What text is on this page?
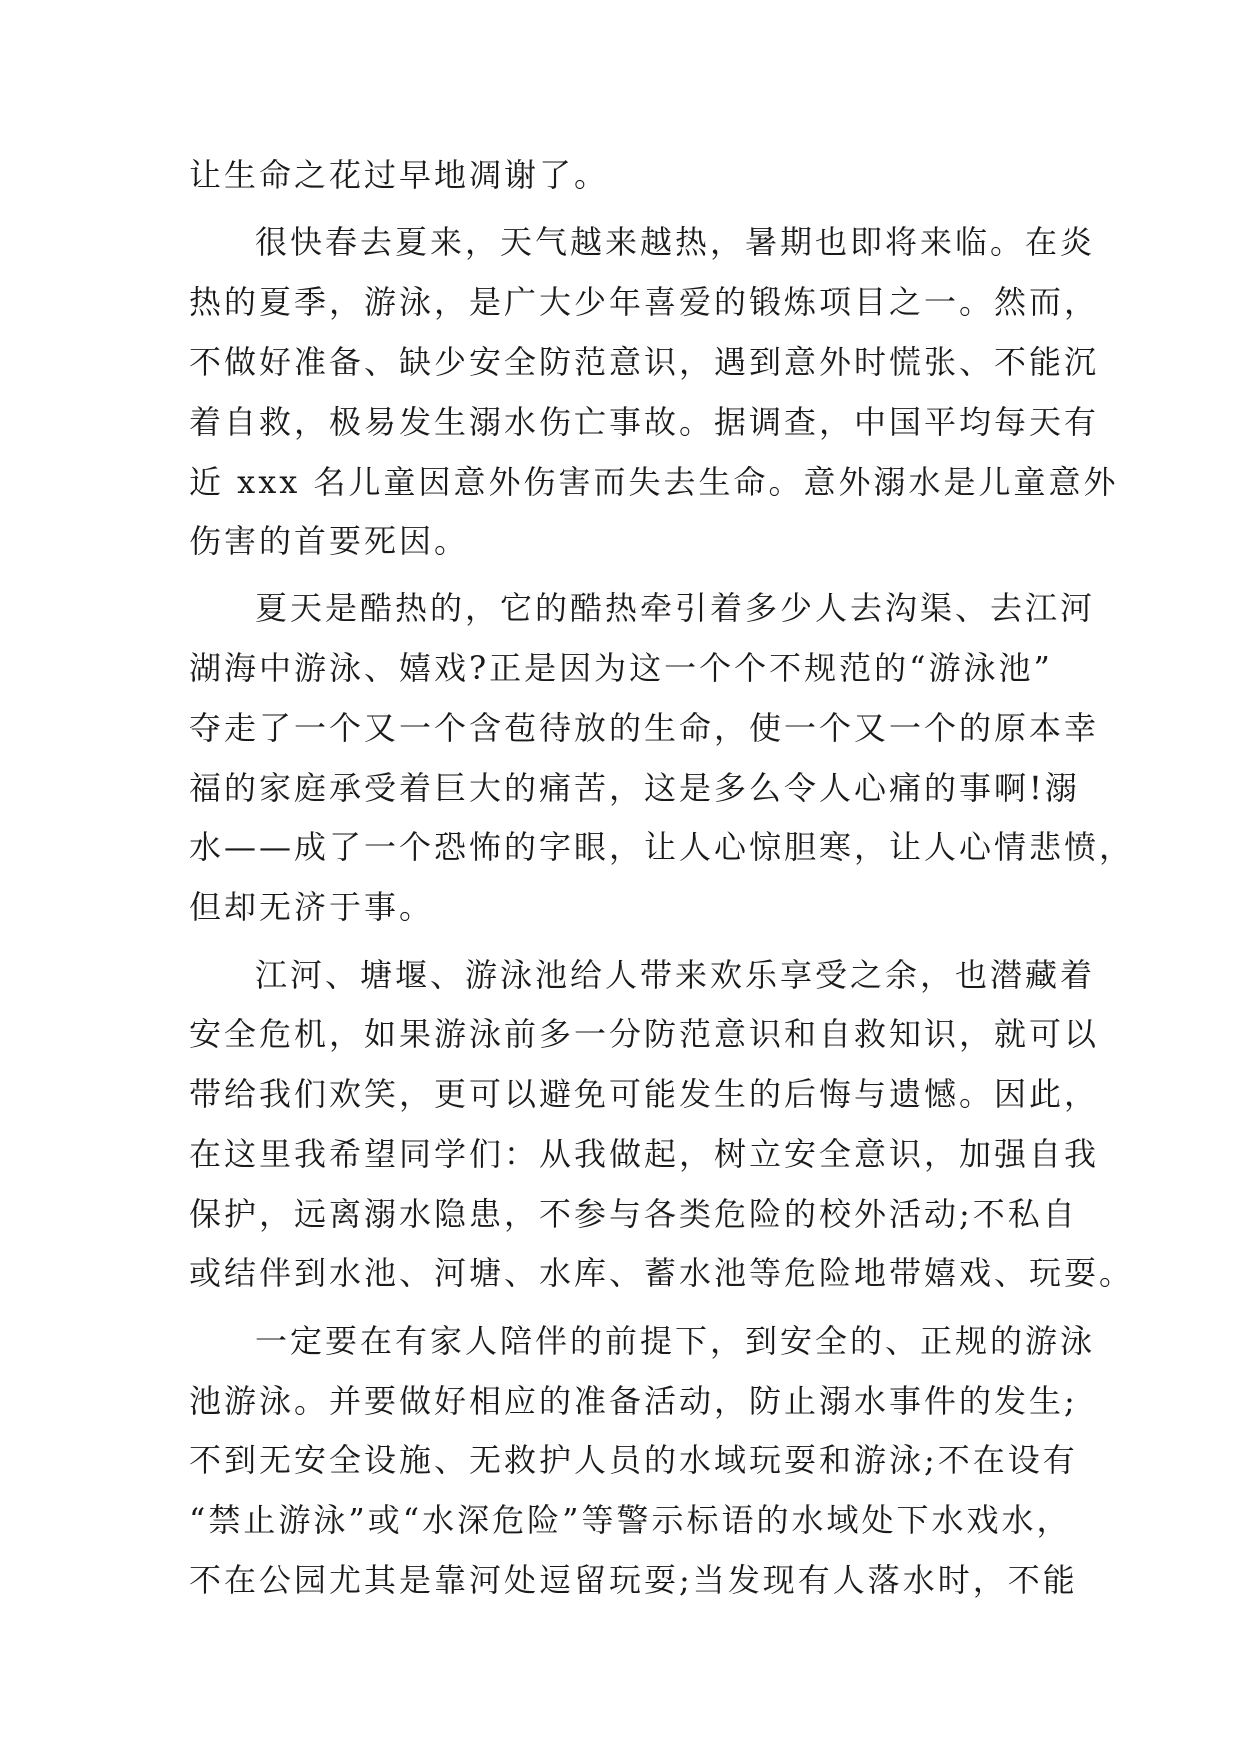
让生命之花过早地凋谢了。
很快春去夏来，天气越来越热，暑期也即将来临。在炎
热的夏季，游泳，是广大少年喜爱的锻炼项目之一。然而，
不做好准备、缺少安全防范意识，遇到意外时慌张、不能沉
着自救，极易发生溺水伤亡事故。据调查，中国平均每天有
近 xxx 名儿童因意外伤害而失去生命。意外溺水是儿童意外
伤害的首要死因。
夏天是酷热的，它的酷热牵引着多少人去沟渠、去江河
湖海中游泳、嬉戏?正是因为这一个个不规范的“游泳池”
夺走了一个又一个含苞待放的生命，使一个又一个的原本幸
福的家庭承受着巨大的痛苦，这是多么令人心痛的事啊!溺
水——成了一个恐怖的字眼，让人心惊胆寒，让人心情悲愤，
但却无济于事。
江河、塘堰、游泳池给人带来欢乐享受之余，也潜藏着
安全危机，如果游泳前多一分防范意识和自救知识，就可以
带给我们欢笑，更可以避免可能发生的后悔与遗憾。因此，
在这里我希望同学们：从我做起，树立安全意识，加强自我
保护，远离溺水隐患，不参与各类危险的校外活动;不私自
或结伴到水池、河塘、水库、蓄水池等危险地带嬉戏、玩耍。
一定要在有家人陪伴的前提下，到安全的、正规的游泳
池游泳。并要做好相应的准备活动，防止溺水事件的发生;
不到无安全设施、无救护人员的水域玩耍和游泳;不在设有
“禁止游泳”或“水深危险”等警示标语的水域处下水戏水，
不在公园尤其是靠河处逗留玩耍;当发现有人落水时，不能
